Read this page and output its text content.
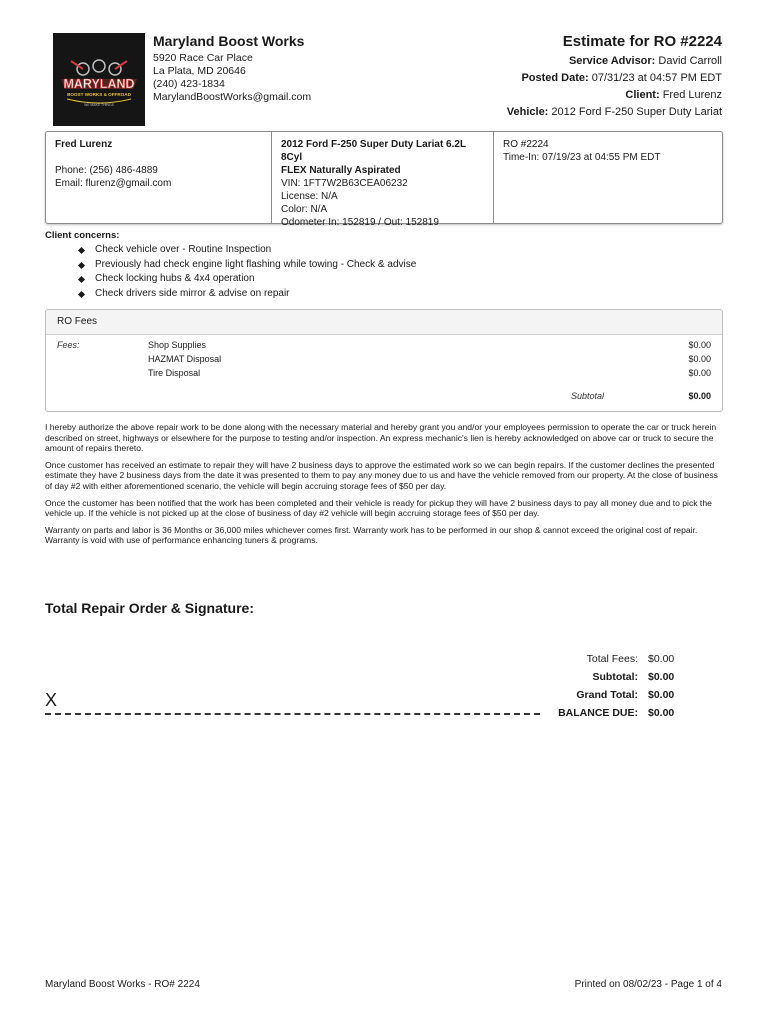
MARYLAND
BOOST WORKS & OFFROAD
WE MAKE THINGS
Maryland Boost Works
5920 Race Car Place
La Plata, MD 20646
(240) 423-1834
MarylandBoostWorks@gmail.com
Estimate for RO #2224
Service Advisor: David Carroll
Posted Date: 07/31/23 at 04:57 PM EDT
Client: Fred Lurenz
Vehicle: 2012 Ford F-250 Super Duty Lariat
Fred Lurenz
Phone: (256) 486-4889
Email: flurenz@gmail.com
2012 Ford F-250 Super Duty Lariat 6.2L 8Cyl
FLEX Naturally Aspirated
VIN: 1FT7W2B63CEA06232
License: N/A
Color: N/A
Odometer In: 152819 / Out: 152819
RO #2224
Time-In: 07/19/23 at 04:55 PM EDT
Client concerns:
Check vehicle over - Routine Inspection
Previously had check engine light flashing while towing - Check & advise
Check locking hubs & 4x4 operation
Check drivers side mirror & advise on repair
RO Fees
Fees:	Shop Supplies	$0.00
HAZMAT Disposal	$0.00
Tire Disposal	$0.00
Subtotal	$0.00

I hereby authorize the above repair work to be done along with the necessary material and hereby grant you and/or your employees permission to operate the car or truck herein described on street, highways or elsewhere for the purpose to testing and/or inspection. An express mechanic's lien is hereby acknowledged on above car or truck to secure the amount of repairs thereto.

Once customer has received an estimate to repair they will have 2 business days to approve the estimated work so we can begin repairs. If the customer declines the presented estimate they have 2 business days from the date it was presented to them to pay any money due to us and have the vehicle removed from our property. At the close of business of day #2 with either aforementioned scenario, the vehicle will begin accruing storage fees of $50 per day.

Once the customer has been notified that the work has been completed and their vehicle is ready for pickup they will have 2 business days to pay all money due and to pick the vehicle up. If the vehicle is not picked up at the close of business of day #2 vehicle will begin accruing storage fees of $50 per day.

Warranty on parts and labor is 36 Months or 36,000 miles whichever comes first. Warranty work has to be performed in our shop & cannot exceed the original cost of repair. Warranty is void with use of performance enhancing tuners & programs.

Total Repair Order & Signature:
X
Total Fees: $0.00
Subtotal: $0.00
Grand Total: $0.00
BALANCE DUE: $0.00
Maryland Boost Works - RO# 2224	Printed on 08/02/23 - Page 1 of 4
